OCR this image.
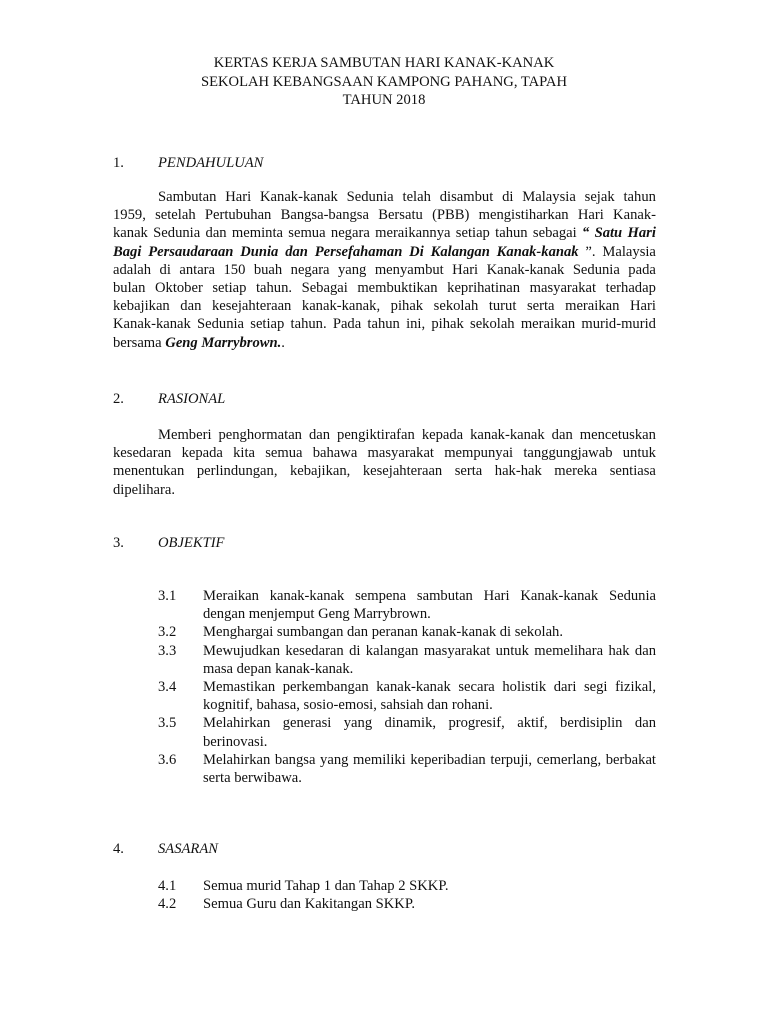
KERTAS KERJA SAMBUTAN HARI KANAK-KANAK
SEKOLAH KEBANGSAAN KAMPONG PAHANG, TAPAH
TAHUN 2018
1. PENDAHULUAN
Sambutan Hari Kanak-kanak Sedunia telah disambut di Malaysia sejak tahun
1959, setelah Pertubuhan Bangsa-bangsa Bersatu (PBB) mengistiharkan Hari Kanak-
kanak Sedunia dan meminta semua negara meraikannya setiap tahun sebagai “ Satu Hari
Bagi Persaudaraan Dunia dan Persefahaman Di Kalangan Kanak-kanak ”. Malaysia
adalah di antara 150 buah negara yang menyambut Hari Kanak-kanak Sedunia pada
bulan Oktober setiap tahun. Sebagai membuktikan keprihatinan masyarakat terhadap
kebajikan dan kesejahteraan kanak-kanak, pihak sekolah turut serta meraikan Hari
Kanak-kanak Sedunia setiap tahun. Pada tahun ini, pihak sekolah meraikan murid-murid
bersama
Geng Marrybrown. .
2. RASIONAL
Memberi penghormatan dan pengiktirafan kepada kanak-kanak dan mencetuskan
kesedaran kepada kita semua bahawa masyarakat mempunyai tanggungjawab untuk
menentukan perlindungan, kebajikan, kesejahteraan serta hak-hak mereka sentiasa
dipelihara.
3. OBJEKTIF
3.1	Meraikan kanak-kanak sempena sambutan Hari Kanak-kanak Sedunia dengan menjemput Geng Marrybrown.
3.2	Menghargai sumbangan dan peranan kanak-kanak di sekolah.
3.3	Mewujudkan kesedaran di kalangan masyarakat untuk memelihara hak dan masa depan kanak-kanak.
3.4	Memastikan perkembangan kanak-kanak secara holistik dari segi fizikal, kognitif, bahasa, sosio-emosi, sahsiah dan rohani.
3.5	Melahirkan generasi yang dinamik, progresif, aktif, berdisiplin dan berinovasi.
3.6	Melahirkan bangsa yang memiliki keperibadian terpuji, cemerlang, berbakat serta berwibawa.
4. SASARAN
4.1	Semua murid Tahap 1 dan Tahap 2 SKKP.
4.2	Semua Guru dan Kakitangan SKKP.
